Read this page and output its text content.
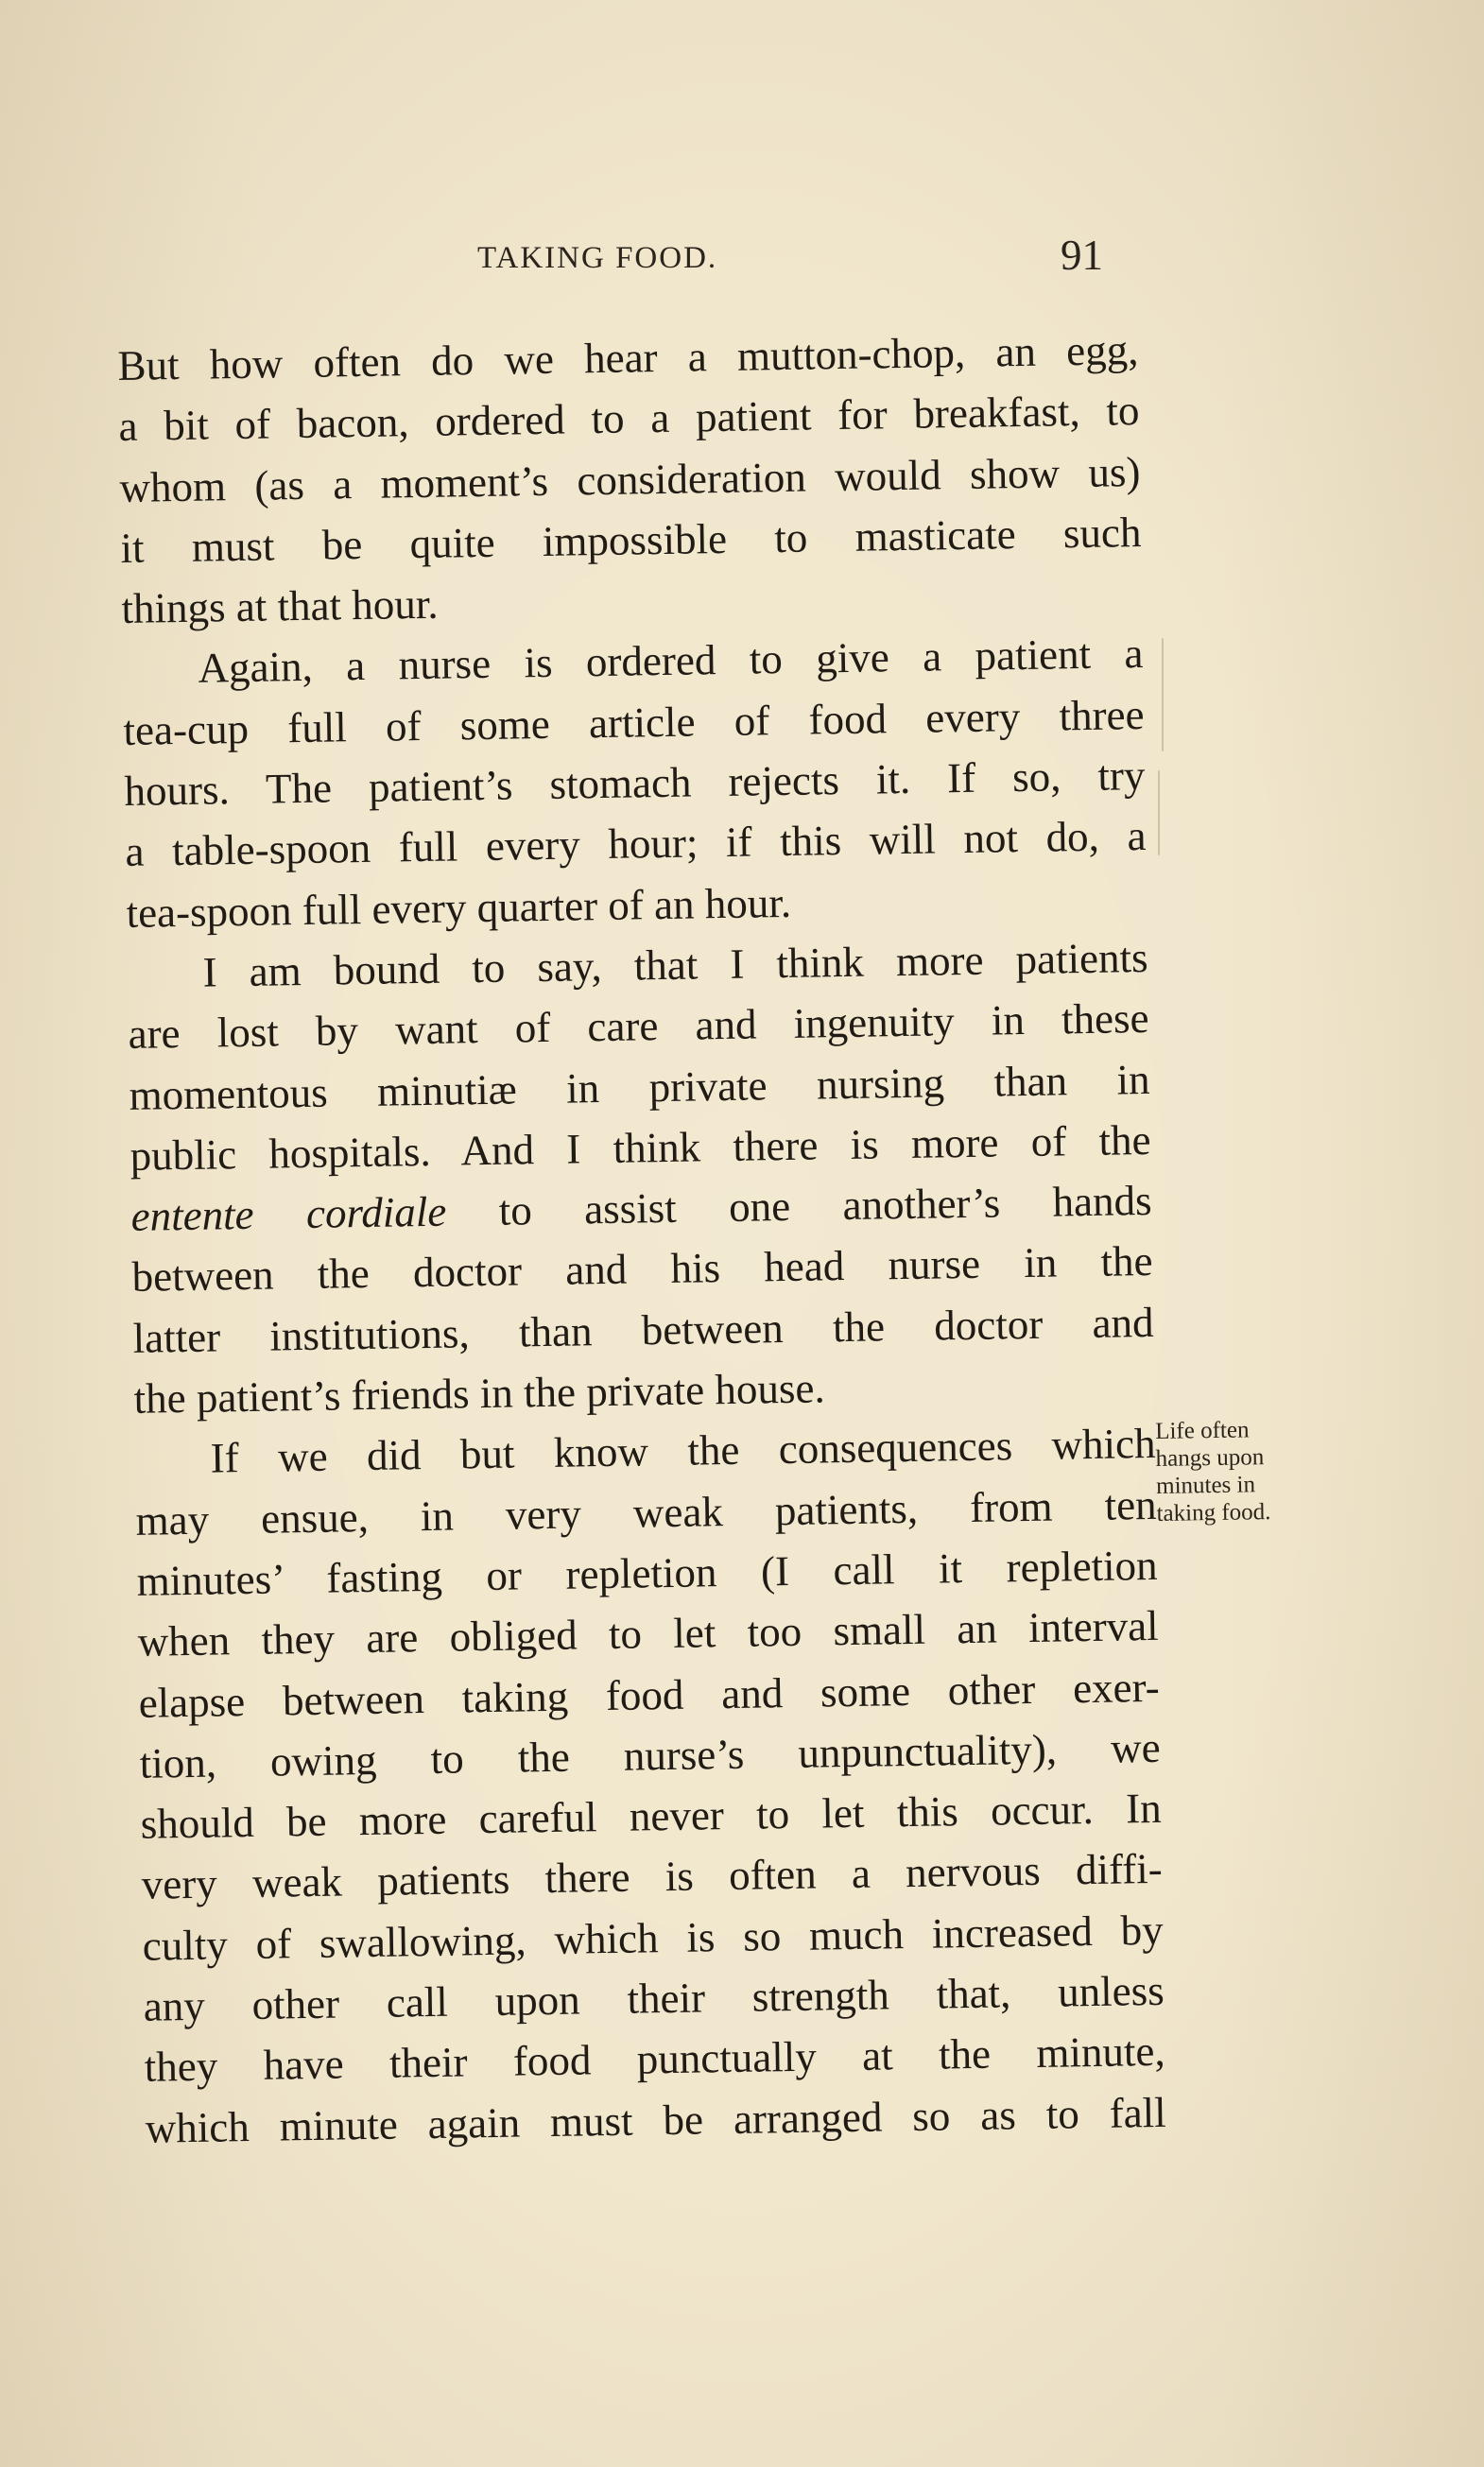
TAKING FOOD.	91
But how often do we hear a mutton-chop, an egg,
a bit of bacon, ordered to a patient for breakfast, to
whom (as a moment’s consideration would show us)
it must be quite impossible to masticate such
things at that hour.
Again, a nurse is ordered to give a patient a
tea-cup full of some article of food every three
hours. The patient’s stomach rejects it. If so, try
a table-spoon full every hour; if this will not do, a
tea-spoon full every quarter of an hour.
I am bound to say, that I think more patients
are lost by want of care and ingenuity in these
momentous minutiæ in private nursing than in
public hospitals. And I think there is more of the
entente cordiale to assist one another’s hands
between the doctor and his head nurse in the
latter institutions, than between the doctor and
the patient’s friends in the private house.
If we did but know the consequences which
may ensue, in very weak patients, from ten
minutes’ fasting or repletion (I call it repletion
when they are obliged to let too small an interval
elapse between taking food and some other exer-
tion, owing to the nurse’s unpunctuality), we
should be more careful never to let this occur. In
very weak patients there is often a nervous diffi-
culty of swallowing, which is so much increased by
any other call upon their strength that, unless
they have their food punctually at the minute,
which minute again must be arranged so as to fall
Life often
hangs upon
minutes in
taking food.
